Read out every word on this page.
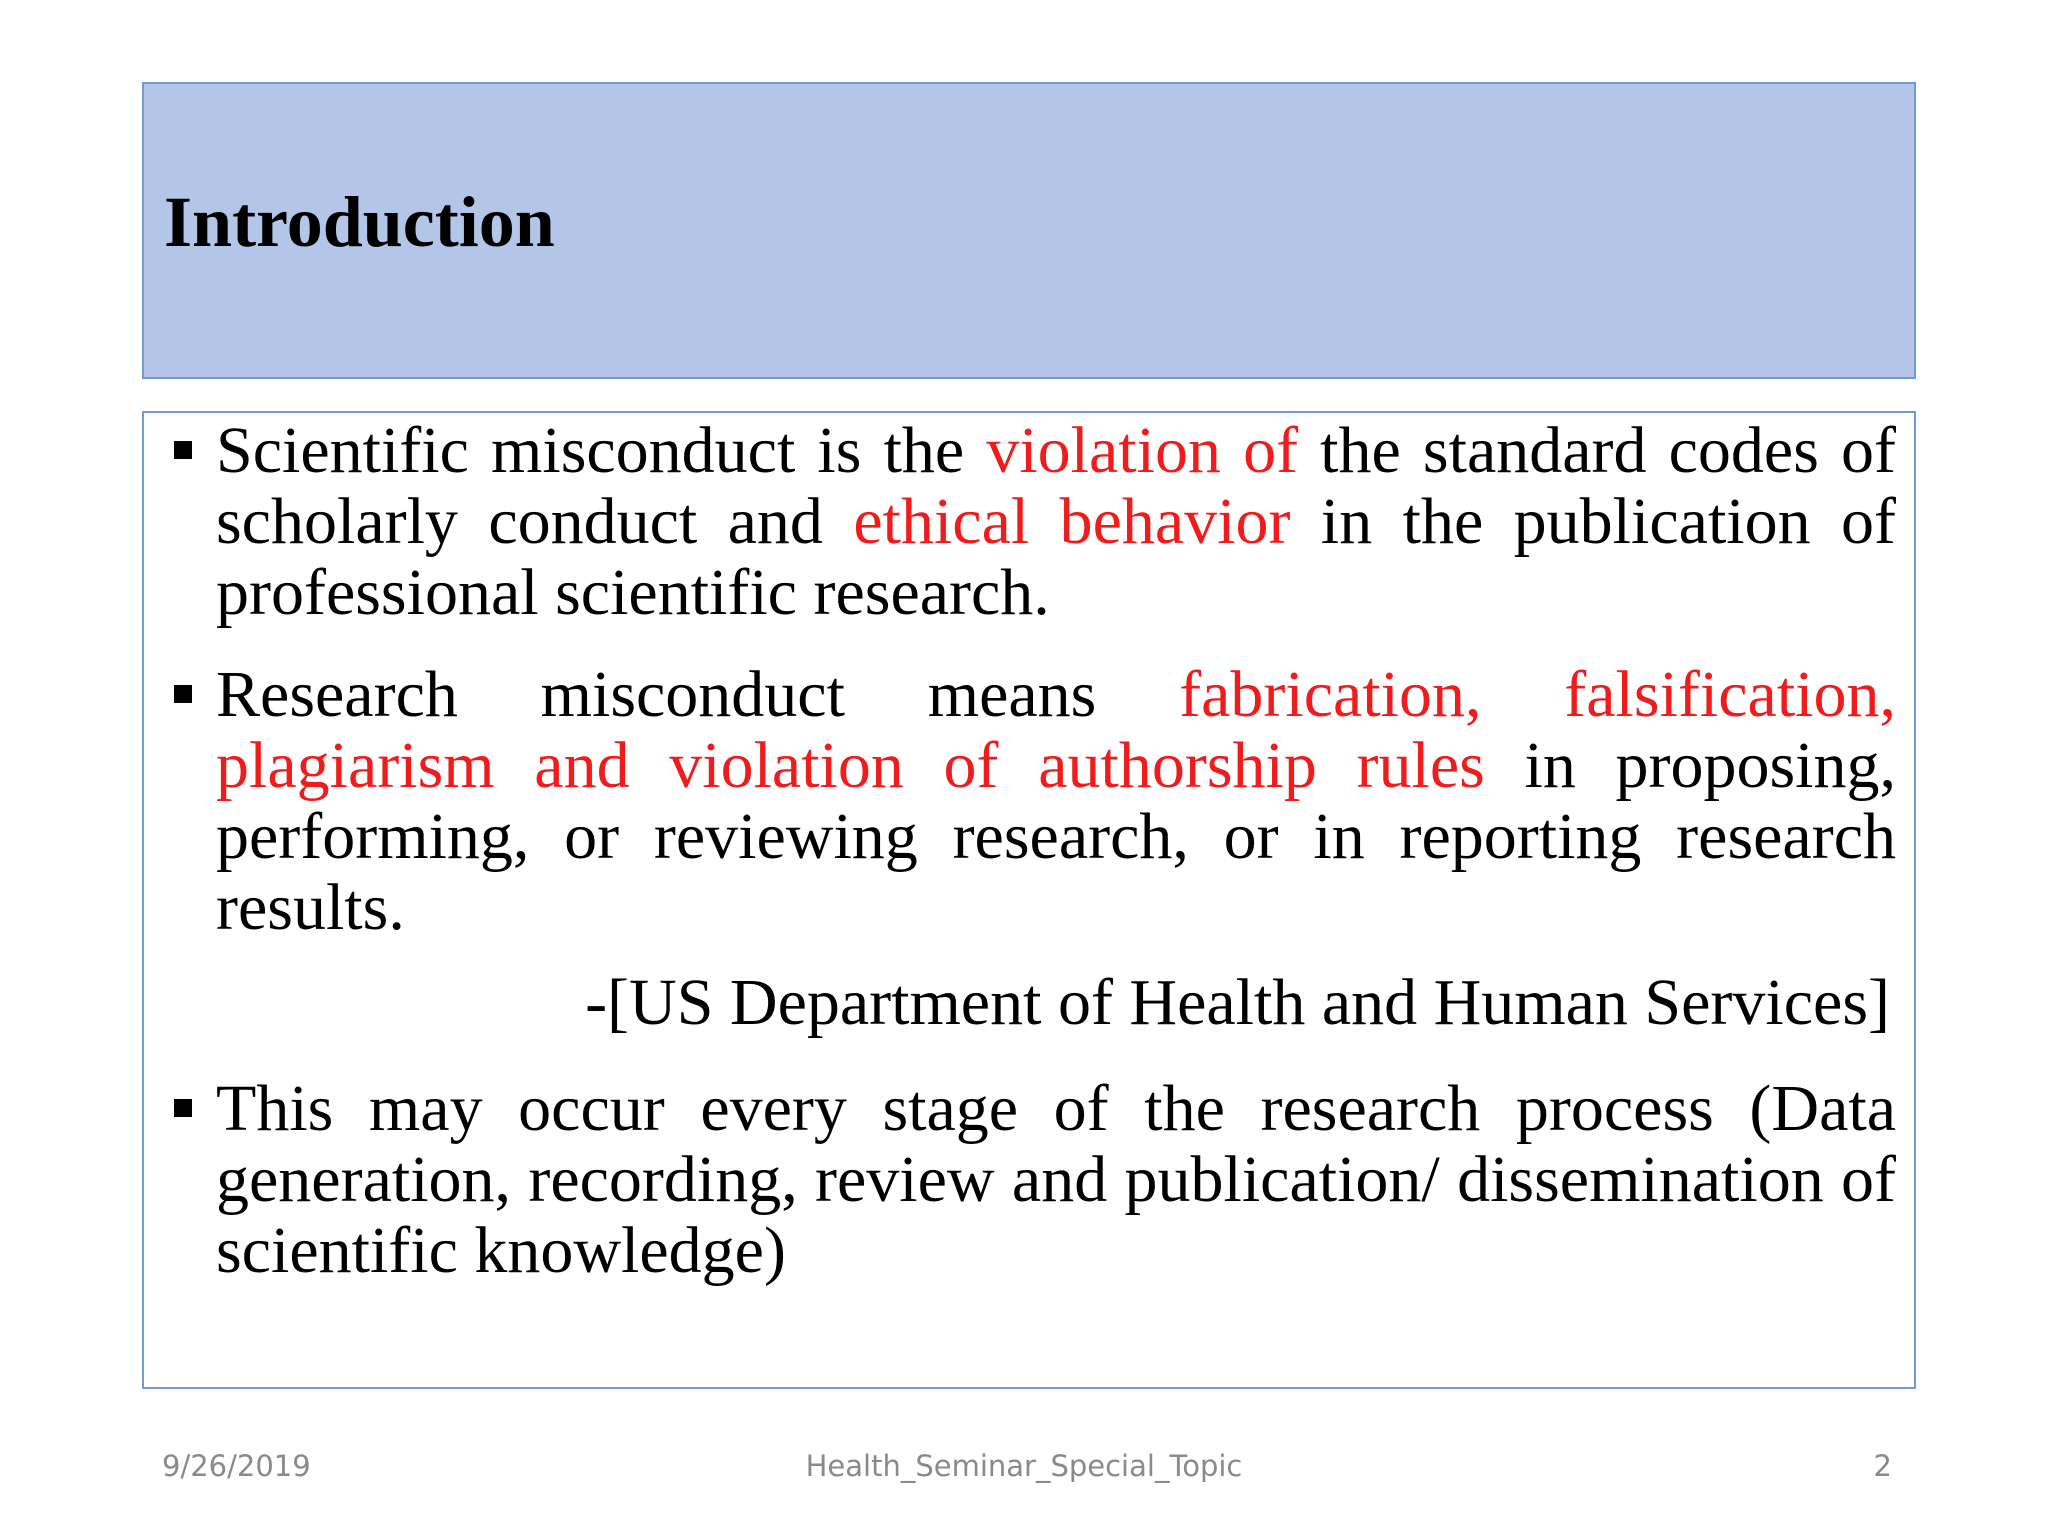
Introduction
Scientific misconduct is the violation of the standard codes of scholarly conduct and ethical behavior in the publication of professional scientific research.
Research misconduct means fabrication, falsification, plagiarism and violation of authorship rules in proposing, performing, or reviewing research, or in reporting research results.
This may occur every stage of the research process (Data generation, recording, review and publication/ dissemination of scientific knowledge)
-[US Department of Health and Human Services]
9/26/2019	Health_Seminar_Special_Topic	2
